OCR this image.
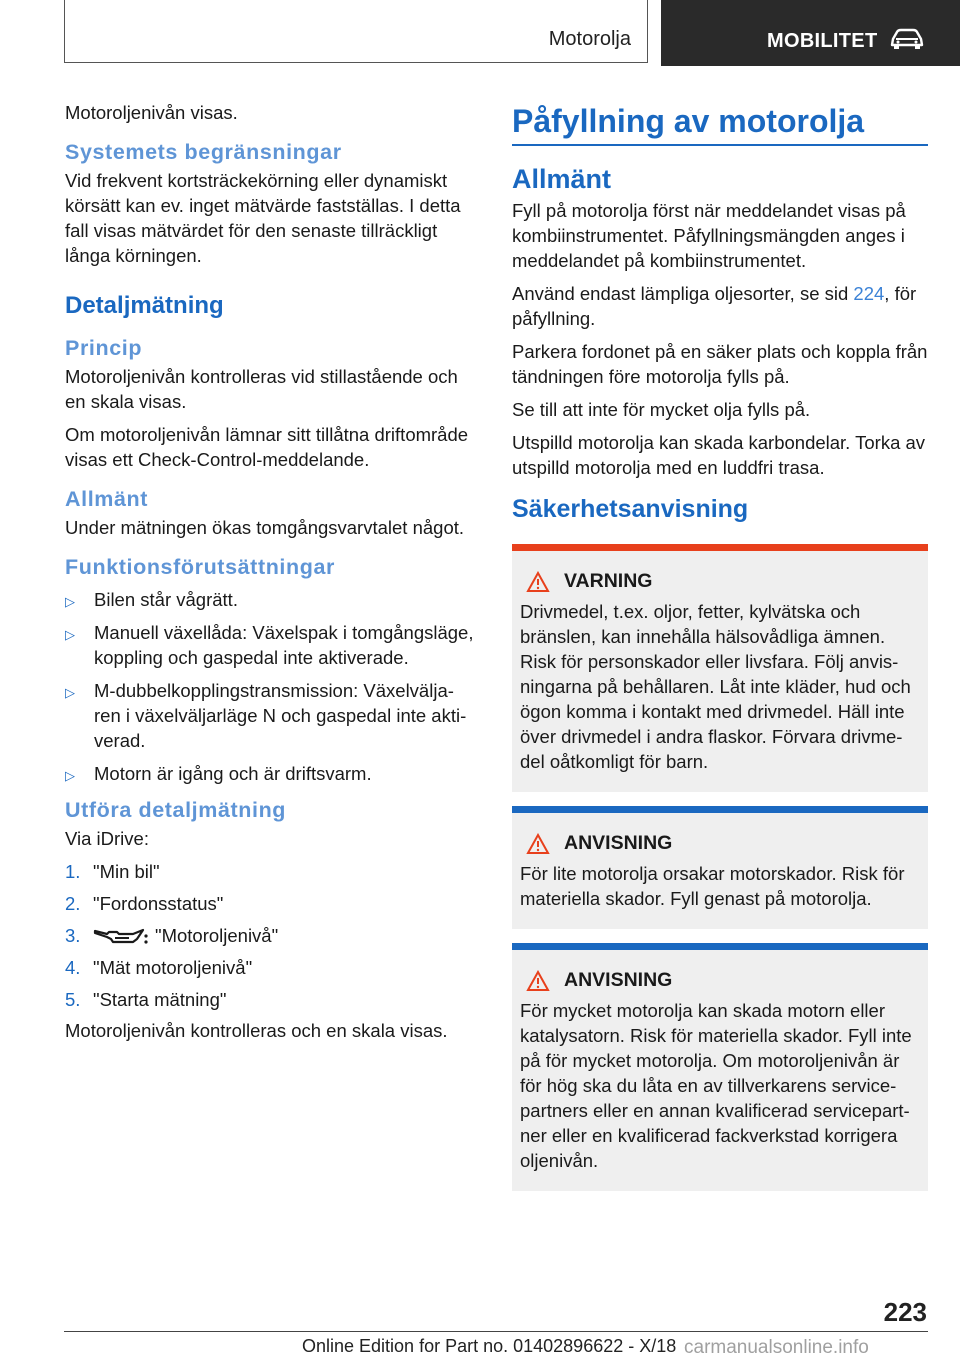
Motorolja	MOBILITET

Motoroljenivån visas.

Systemets begränsningar

Vid frekvent kortsträckekörning eller dynamiskt körsätt kan ev. inget mätvärde fastställas. I detta fall visas mätvärdet för den senaste tillräckligt långa körningen.

Detaljmätning
Princip

Motoroljenivån kontrolleras vid stillastående och en skala visas.

Om motoroljenivån lämnar sitt tillåtna driftområde visas ett Check-Control-meddelande.

Allmänt

Under mätningen ökas tomgångsvarvtalet något.

Funktionsförutsättningar
▷ Bilen står vågrätt.
▷ Manuell växellåda: Växelspak i tomgångsläge, koppling och gaspedal inte aktiverade.
▷ M-dubbelkopplingstransmission: Växelvälja-ren i växelväljarläge N och gaspedal inte akti-verad.
▷ Motorn är igång och är driftsvarm.
Utföra detaljmätning

Via iDrive:

1. "Min bil"
2. "Fordonsstatus"
3.	"Motoroljenivå"
4. "Mät motoroljenivå"
5. "Starta mätning"

Motoroljenivån kontrolleras och en skala visas.

Påfyllning av motorolja
Allmänt

Fyll på motorolja först när meddelandet visas på kombiinstrumentet. Påfyllningsmängden anges i meddelandet på kombiinstrumentet.

Använd endast lämpliga oljesorter, se sid 224, för påfyllning.

Parkera fordonet på en säker plats och koppla från tändningen före motorolja fylls på.

Se till att inte för mycket olja fylls på.

Utspilld motorolja kan skada karbondelar. Torka av utspilld motorolja med en luddfri trasa.

Säkerhetsanvisning
VARNING

Drivmedel, t.ex. oljor, fetter, kylvätska och bränslen, kan innehålla hälsovådliga ämnen. Risk för personskador eller livsfara. Följ anvis-ningarna på behållaren. Låt inte kläder, hud och ögon komma i kontakt med drivmedel. Häll inte över drivmedel i andra flaskor. Förvara drivme-del oåtkomligt för barn.

ANVISNING

För lite motorolja orsakar motorskador. Risk för materiella skador. Fyll genast på motorolja.

ANVISNING

För mycket motorolja kan skada motorn eller katalysatorn. Risk för materiella skador. Fyll inte på för mycket motorolja. Om motoroljenivån är för hög ska du låta en av tillverkarens service-partners eller en annan kvalificerad servicepart-ner eller en kvalificerad fackverkstad korrigera oljenivån.

223
Online Edition for Part no. 01402896622 - X/18 carmanualsonline.info
